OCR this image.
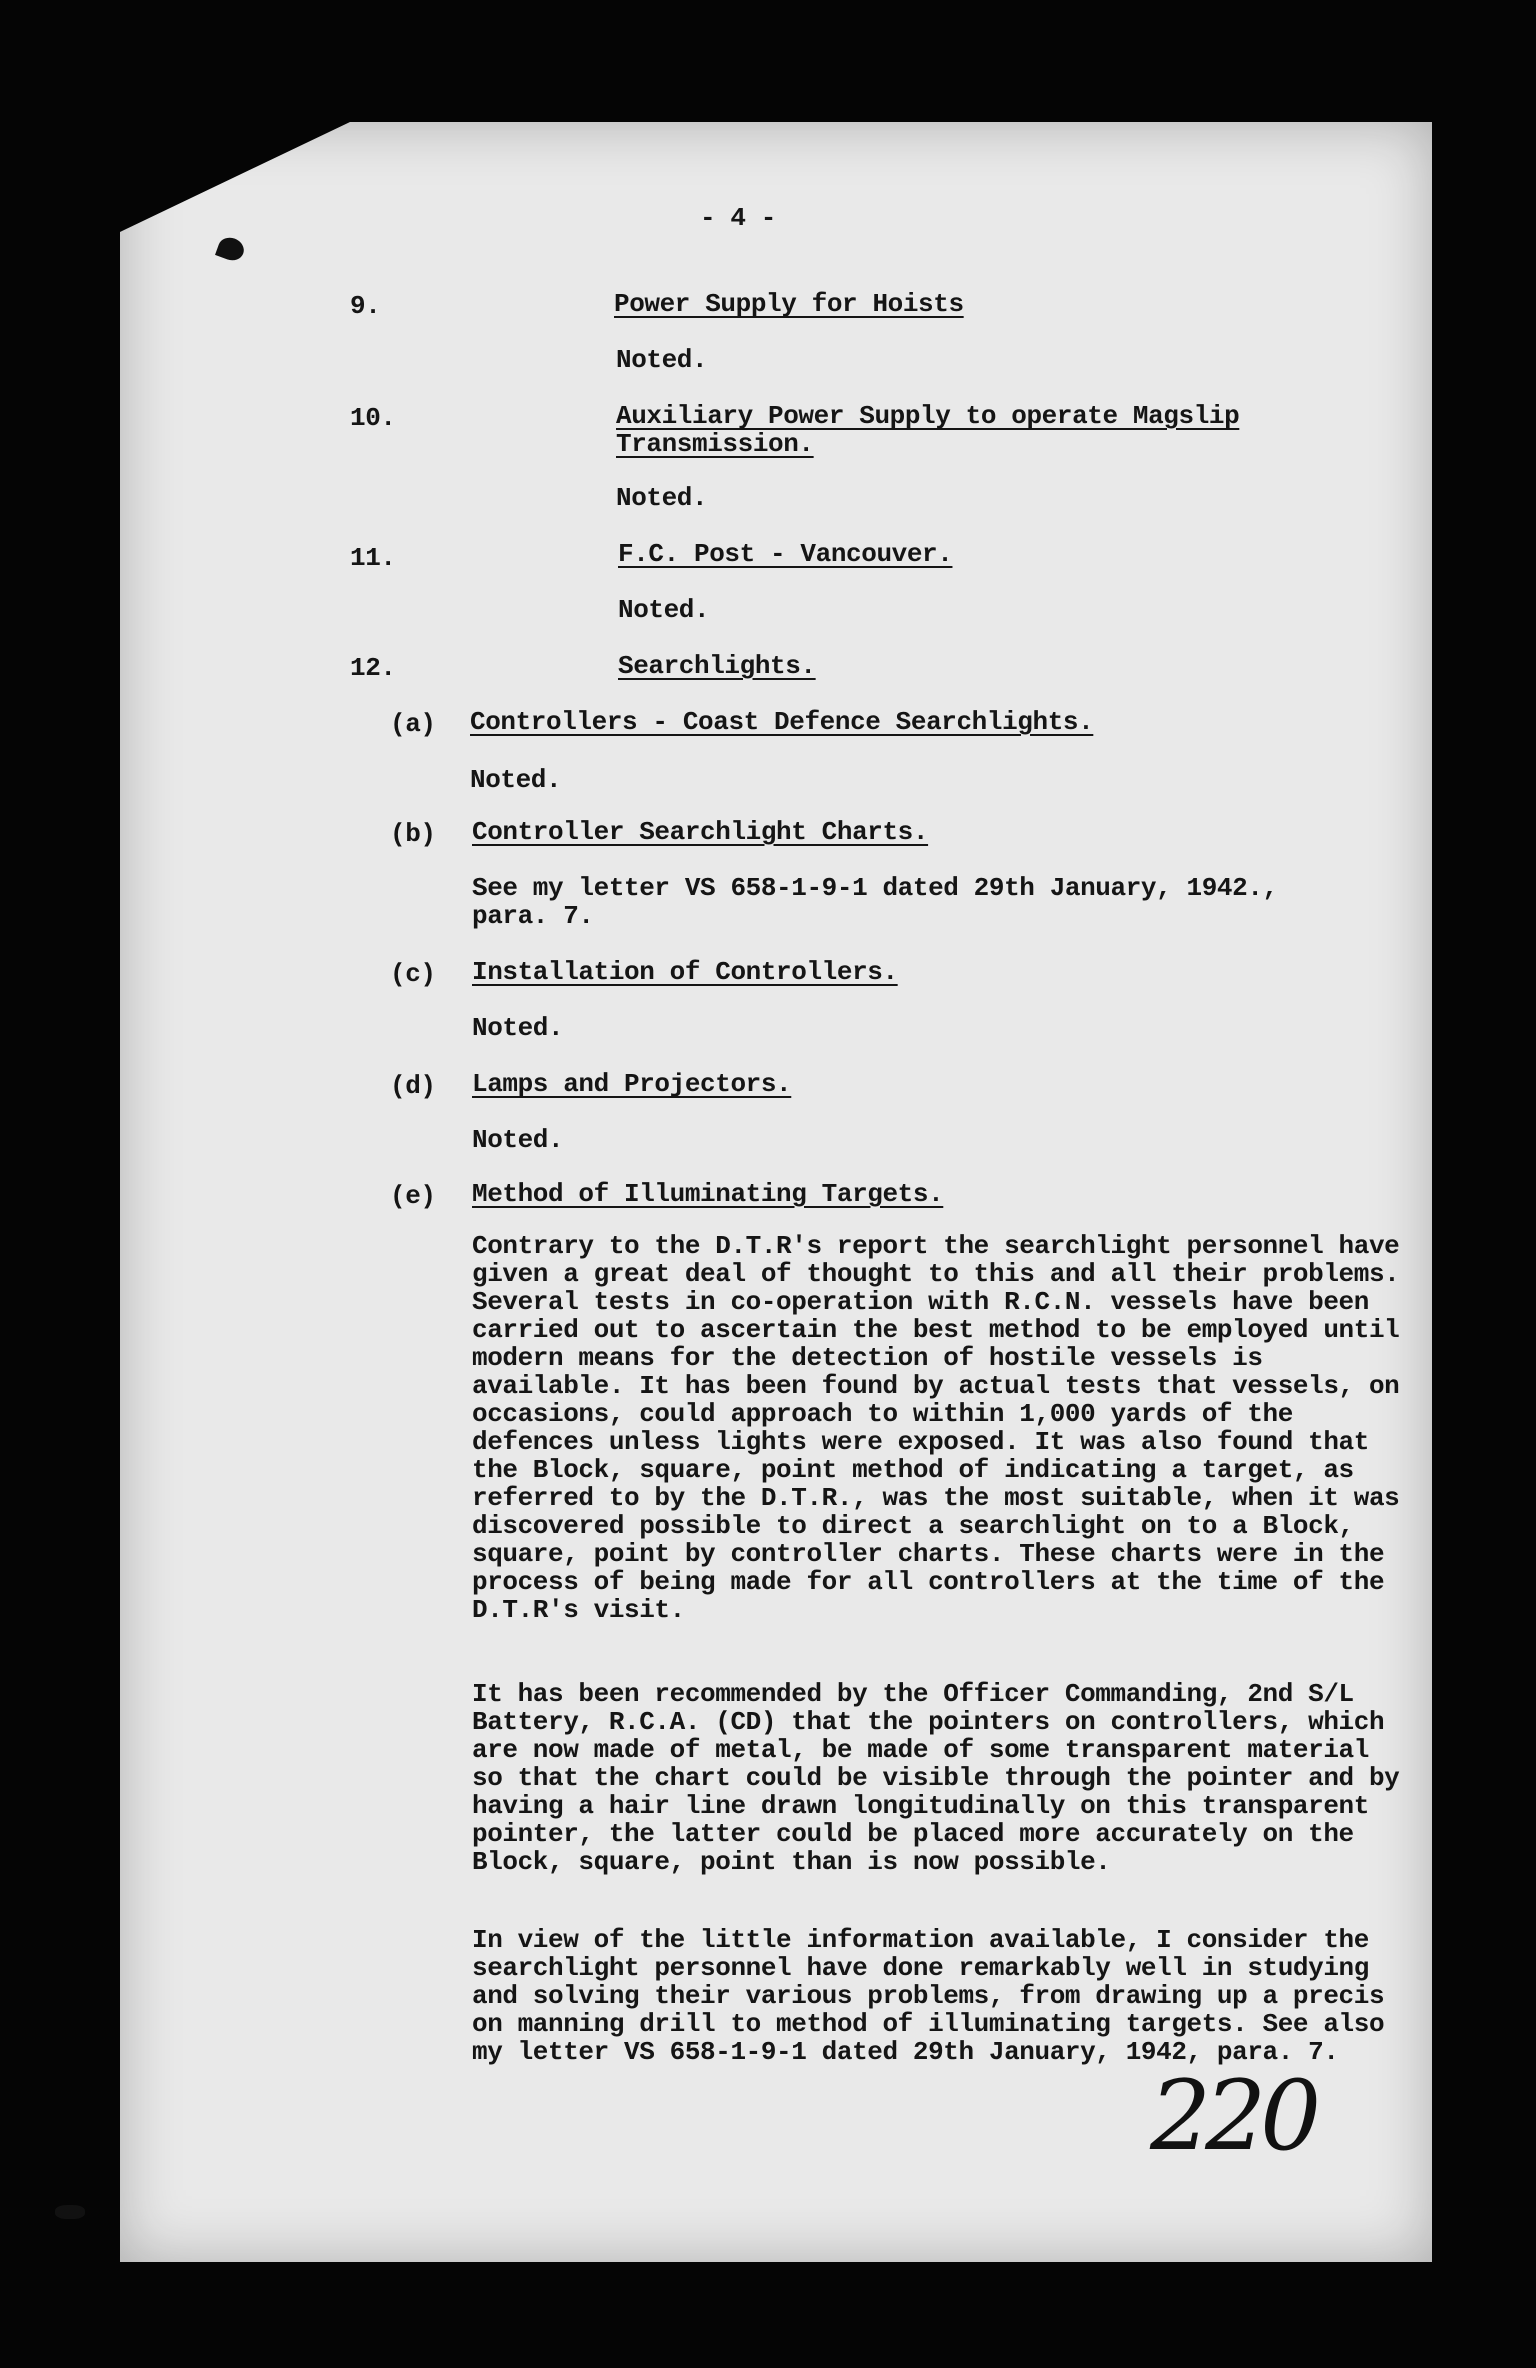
- 4 -
9.	Power Supply for Hoists
Noted.
10.	Auxiliary Power Supply to operate Magslip
Transmission.
Noted.
11.	F.C. Post - Vancouver.
Noted.
12.	Searchlights.
(a) Controllers - Coast Defence Searchlights.
Noted.
(b) Controller Searchlight Charts.
See my letter VS 658-1-9-1 dated 29th January, 1942.,
para. 7.
(c) Installation of Controllers.
Noted.
(d) Lamps and Projectors.
Noted.
(e) Method of Illuminating Targets.
Contrary to the D.T.R's report the searchlight personnel have given a great deal of thought to this and all their problems. Several tests in co-operation with R.C.N. vessels have been carried out to ascertain the best method to be employed until modern means for the detection of hostile vessels is available. It has been found by actual tests that vessels, on occasions, could approach to within 1,000 yards of the defences unless lights were exposed. It was also found that the Block, square, point method of indicating a target, as referred to by the D.T.R., was the most suitable, when it was discovered possible to direct a searchlight on to a Block, square, point by controller charts. These charts were in the process of being made for all controllers at the time of the D.T.R's visit.
It has been recommended by the Officer Commanding, 2nd S/L Battery, R.C.A. (CD) that the pointers on controllers, which are now made of metal, be made of some transparent material so that the chart could be visible through the pointer and by having a hair line drawn longitudinally on this transparent pointer, the latter could be placed more accurately on the Block, square, point than is now possible.
In view of the little information available, I consider the searchlight personnel have done remarkably well in studying and solving their various problems, from drawing up a precis on manning drill to method of illuminating targets. See also my letter VS 658-1-9-1 dated 29th January, 1942, para. 7.
220
